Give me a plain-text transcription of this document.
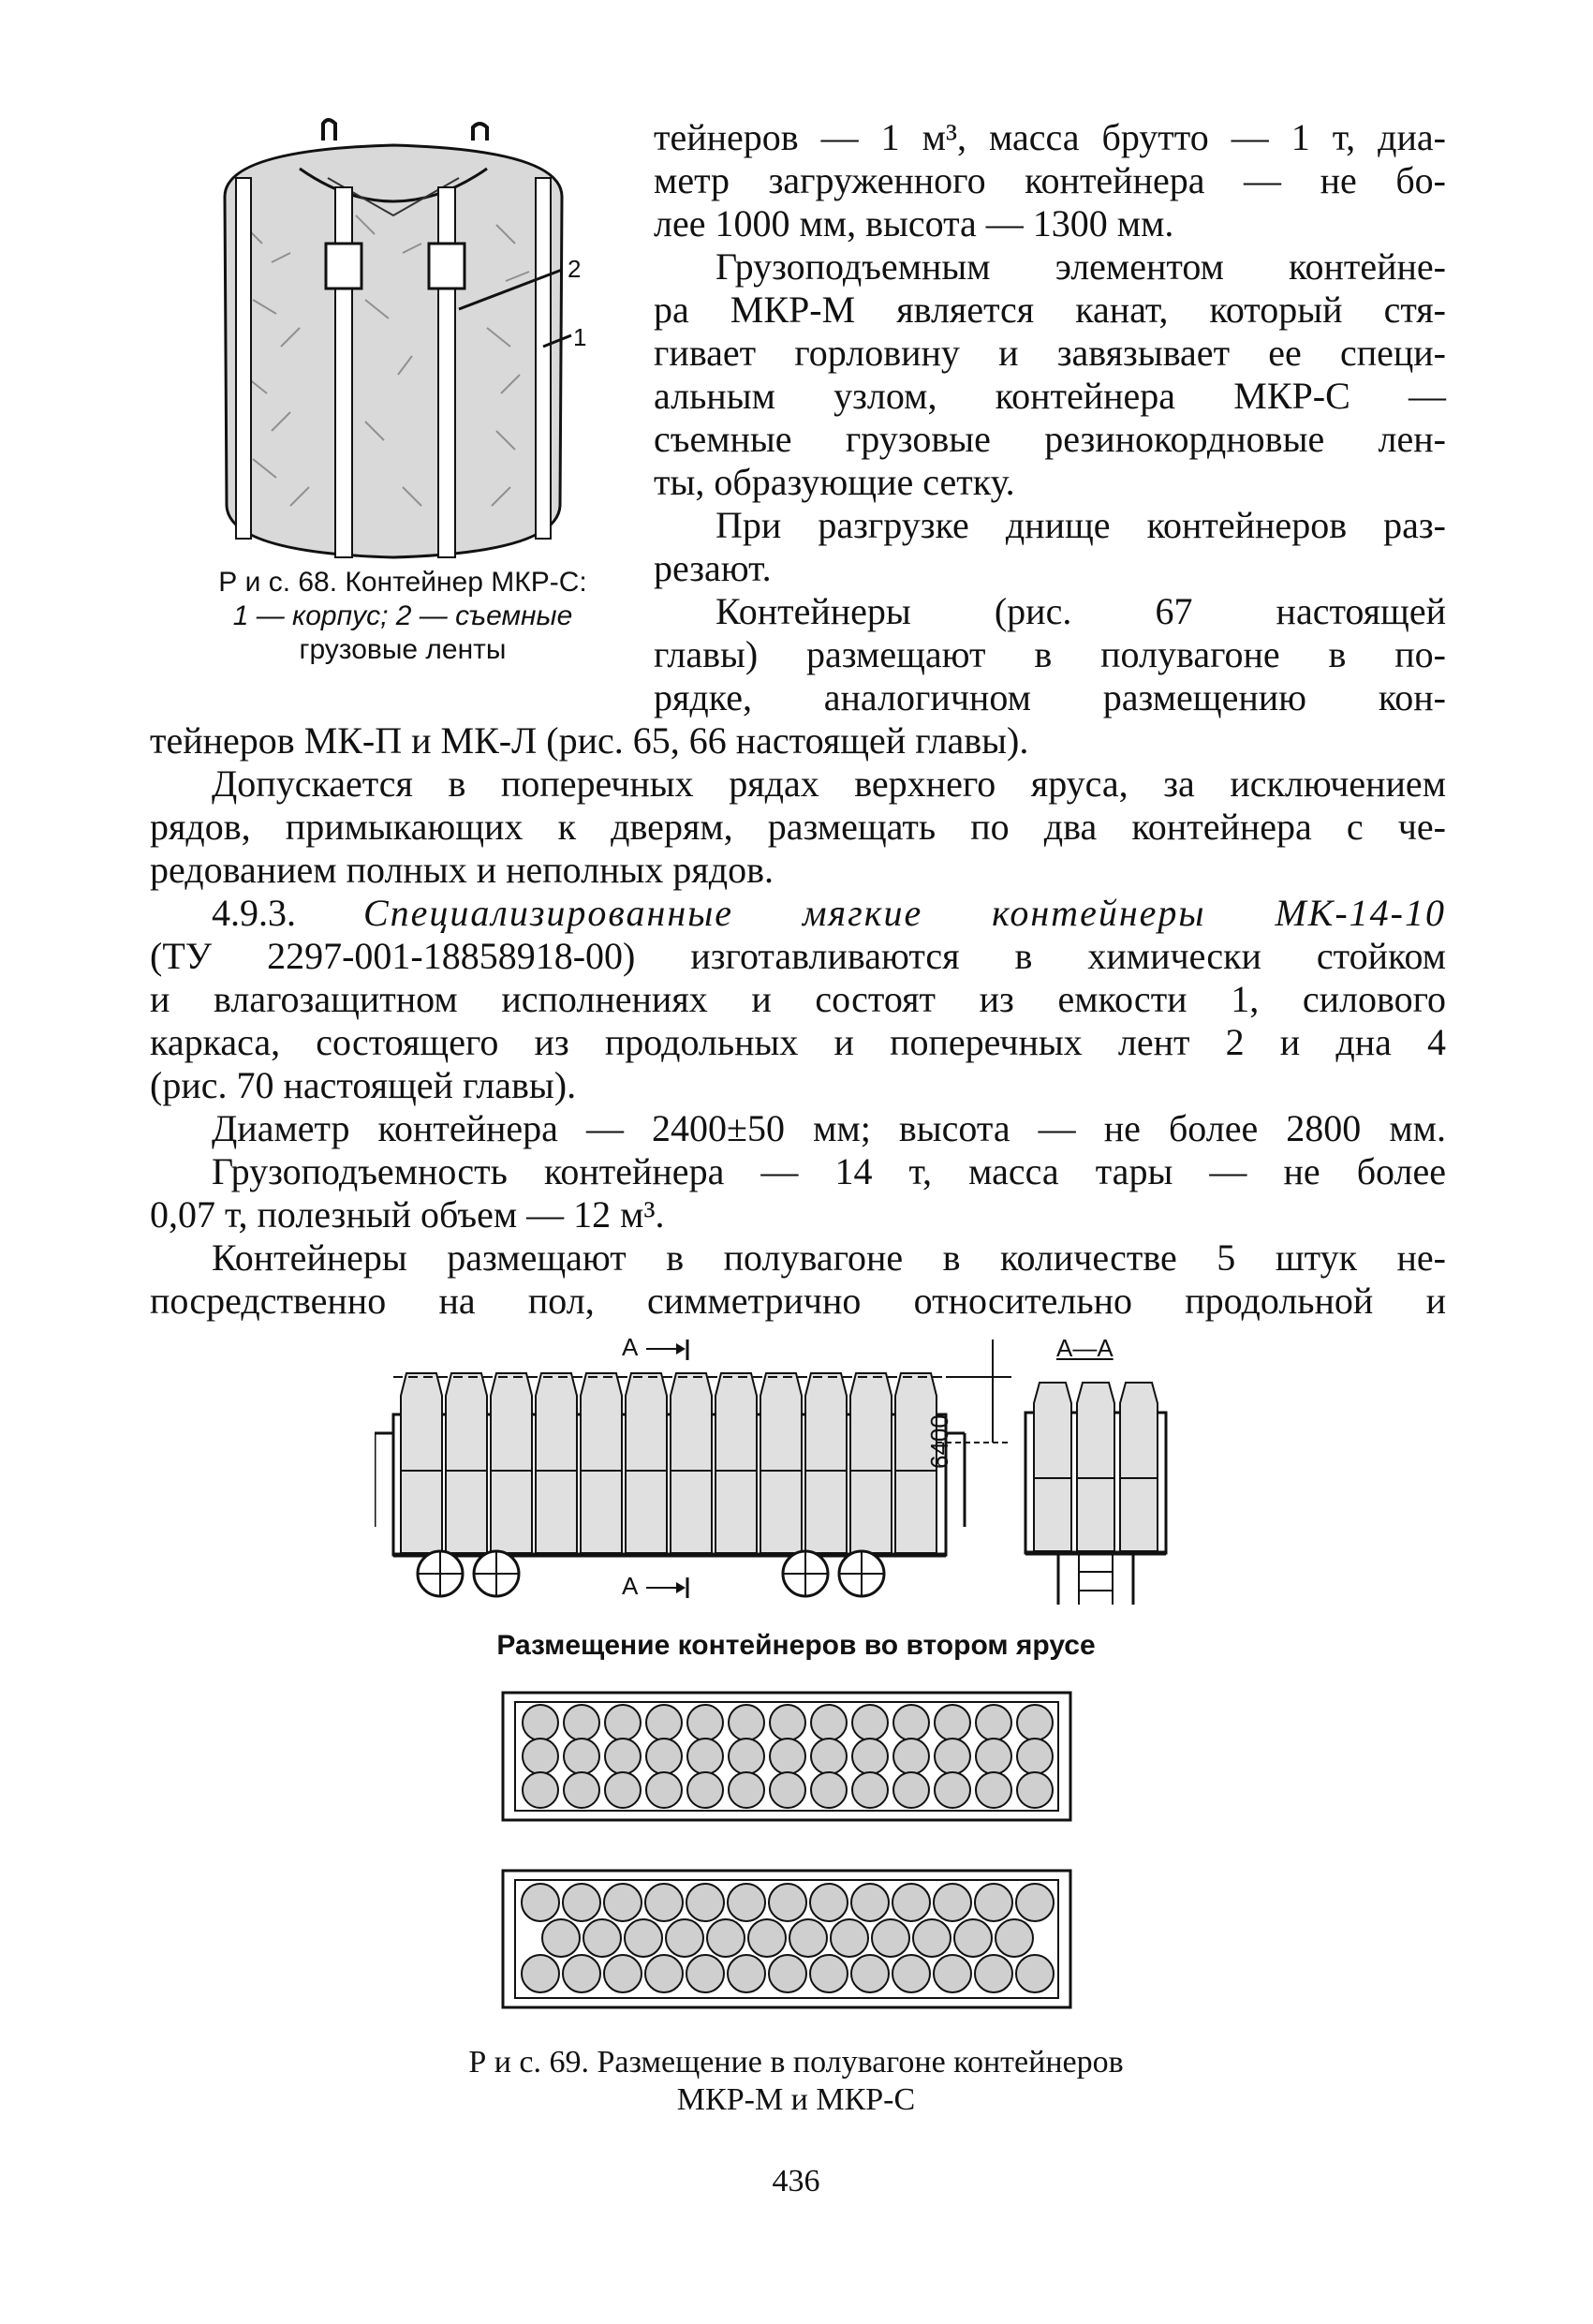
2
1
Р и с. 68. Контейнер МКР-С:
1 — корпус; 2 — съемные
грузовые ленты
тейнеров — 1 м³, масса брутто — 1 т, диа-
метр загруженного контейнера — не бо-
лее 1000 мм, высота — 1300 мм.
Грузоподъемным элементом контейне-
ра МКР-М является канат, который стя-
гивает горловину и завязывает ее специ-
альным узлом, контейнера МКР-С —
съемные грузовые резинокордновые лен-
ты, образующие сетку.
При разгрузке днище контейнеров раз-
резают.
Контейнеры (рис. 67 настоящей
главы) размещают в полувагоне в по-
рядке, аналогичном размещению кон-
тейнеров МК-П и МК-Л (рис. 65, 66 настоящей главы).
Допускается в поперечных рядах верхнего яруса, за исключением
рядов, примыкающих к дверям, размещать по два контейнера с че-
редованием полных и неполных рядов.
4.9.3. Специализированные мягкие контейнеры МК-14-10
(ТУ 2297-001-18858918-00) изготавливаются в химически стойком
и влагозащитном исполнениях и состоят из емкости 1, силового
каркаса, состоящего из продольных и поперечных лент 2 и дна 4
(рис. 70 настоящей главы).
Диаметр контейнера — 2400±50 мм; высота — не более 2800 мм.
Грузоподъемность контейнера — 14 т, масса тары — не более
0,07 т, полезный объем — 12 м³.
Контейнеры размещают в полувагоне в количестве 5 штук не-
посредственно на пол, симметрично относительно продольной и
А
А
6400
А—А
Размещение контейнеров во втором ярусе
Р и с. 69. Размещение в полувагоне контейнеров
МКР-М и МКР-С
436
